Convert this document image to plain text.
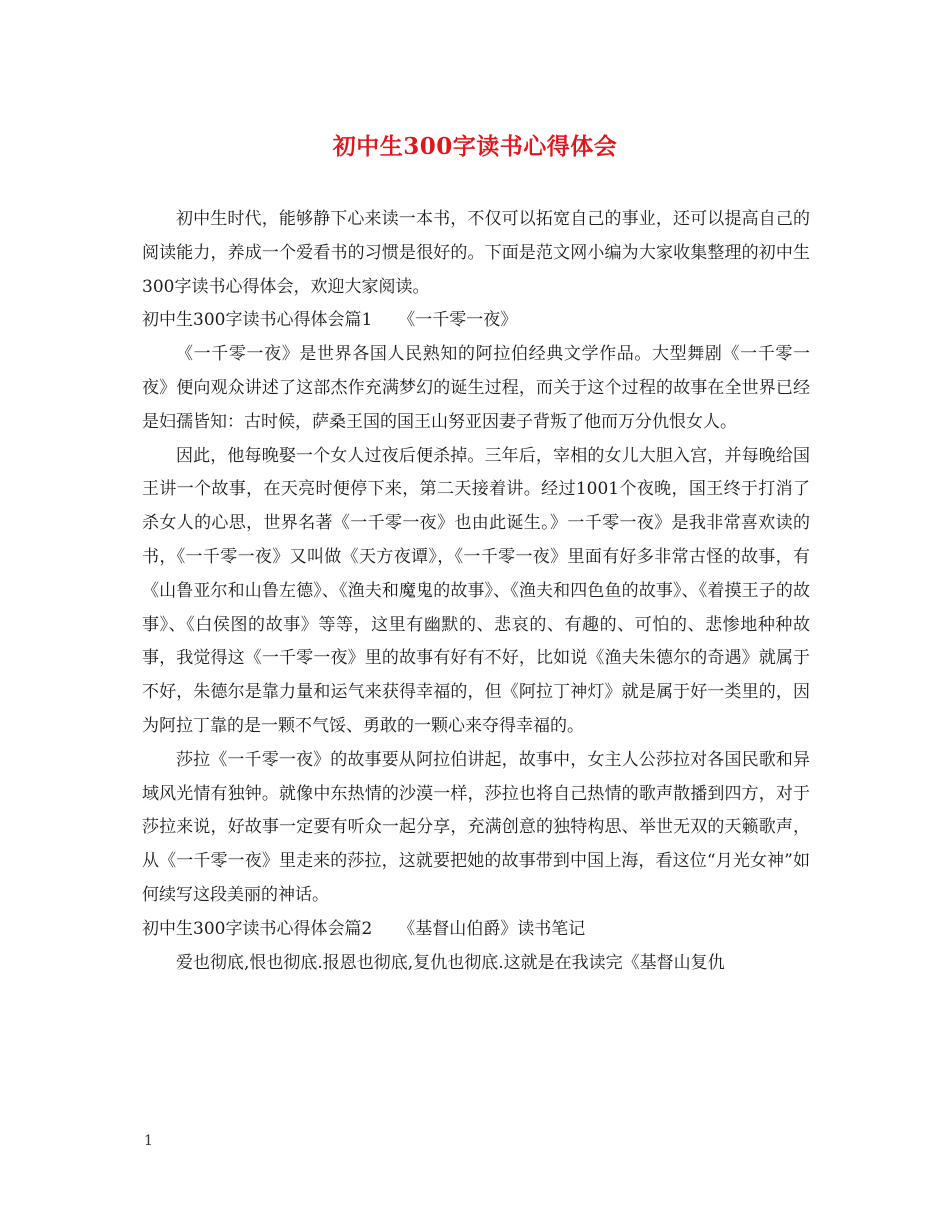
初中生300字读书心得体会

初中生时代，能够静下心来读一本书，不仅可以拓宽自己的事业，还可以提高自己的阅读能力，养成一个爱看书的习惯是很好的。下面是范文网小编为大家收集整理的初中生300字读书心得体会，欢迎大家阅读。

初中生300字读书心得体会篇1 《一千零一夜》

《一千零一夜》是世界各国人民熟知的阿拉伯经典文学作品。大型舞剧《一千零一夜》便向观众讲述了这部杰作充满梦幻的诞生过程，而关于这个过程的故事在全世界已经是妇孺皆知：古时候，萨桑王国的国王山努亚因妻子背叛了他而万分仇恨女人。

因此，他每晚娶一个女人过夜后便杀掉。三年后，宰相的女儿大胆入宫，并每晚给国王讲一个故事，在天亮时便停下来，第二天接着讲。经过1001个夜晚，国王终于打消了杀女人的心思，世界名著《一千零一夜》也由此诞生。》一千零一夜》是我非常喜欢读的书，《一千零一夜》又叫做《天方夜谭》，《一千零一夜》里面有好多非常古怪的故事，有《山鲁亚尔和山鲁左德》、《渔夫和魔鬼的故事》、《渔夫和四色鱼的故事》、《着摸王子的故事》、《白侯图的故事》等等，这里有幽默的、悲哀的、有趣的、可怕的、悲惨地种种故事，我觉得这《一千零一夜》里的故事有好有不好，比如说《渔夫朱德尔的奇遇》就属于不好，朱德尔是靠力量和运气来获得幸福的，但《阿拉丁神灯》就是属于好一类里的，因为阿拉丁靠的是一颗不气馁、勇敢的一颗心来夺得幸福的。

莎拉《一千零一夜》的故事要从阿拉伯讲起，故事中，女主人公莎拉对各国民歌和异域风光情有独钟。就像中东热情的沙漠一样，莎拉也将自己热情的歌声散播到四方，对于莎拉来说，好故事一定要有听众一起分享，充满创意的独特构思、举世无双的天籁歌声，从《一千零一夜》里走来的莎拉，这就要把她的故事带到中国上海，看这位“月光女神”如何续写这段美丽的神话。

初中生300字读书心得体会篇2 《基督山伯爵》读书笔记

爱也彻底,恨也彻底.报恩也彻底,复仇也彻底.这就是在我读完《基督山复仇

1
